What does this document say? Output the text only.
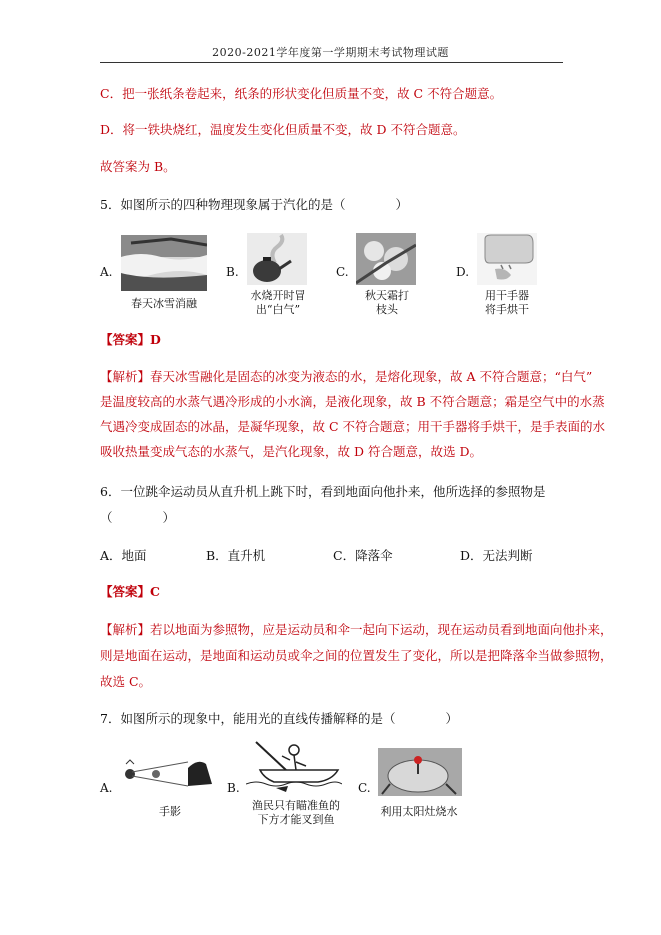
2020-2021学年度第一学期期末考试物理试题
C．把一张纸条卷起来，纸条的形状变化但质量不变，故 C 不符合题意。
D．将一铁块烧红，温度发生变化但质量不变，故 D 不符合题意。
故答案为 B。
5．如图所示的四种物理现象属于汽化的是（　　　　）
A.
春天冰雪消融
B.
水烧开时冒
出“白气”
C.
秋天霜打
枝头
D.
用干手器
将手烘干
【答案】D
【解析】春天冰雪融化是固态的冰变为液态的水，是熔化现象，故 A 不符合题意；“白气”
是温度较高的水蒸气遇冷形成的小水滴，是液化现象，故 B 不符合题意；霜是空气中的水蒸
气遇冷变成固态的冰晶，是凝华现象，故 C 不符合题意；用干手器将手烘干，是手表面的水
吸收热量变成气态的水蒸气，是汽化现象，故 D 符合题意，故选 D。
6．一位跳伞运动员从直升机上跳下时，看到地面向他扑来，他所选择的参照物是
（　　　　）
A．地面	B．直升机	C．降落伞	D．无法判断
【答案】C
【解析】若以地面为参照物，应是运动员和伞一起向下运动，现在运动员看到地面向他扑来，
则是地面在运动，是地面和运动员或伞之间的位置发生了变化，所以是把降落伞当做参照物，
故选 C。
7．如图所示的现象中，能用光的直线传播解释的是（　　　　）
A.
手影
B.
渔民只有瞄准鱼的
下方才能叉到鱼
C.
利用太阳灶烧水
